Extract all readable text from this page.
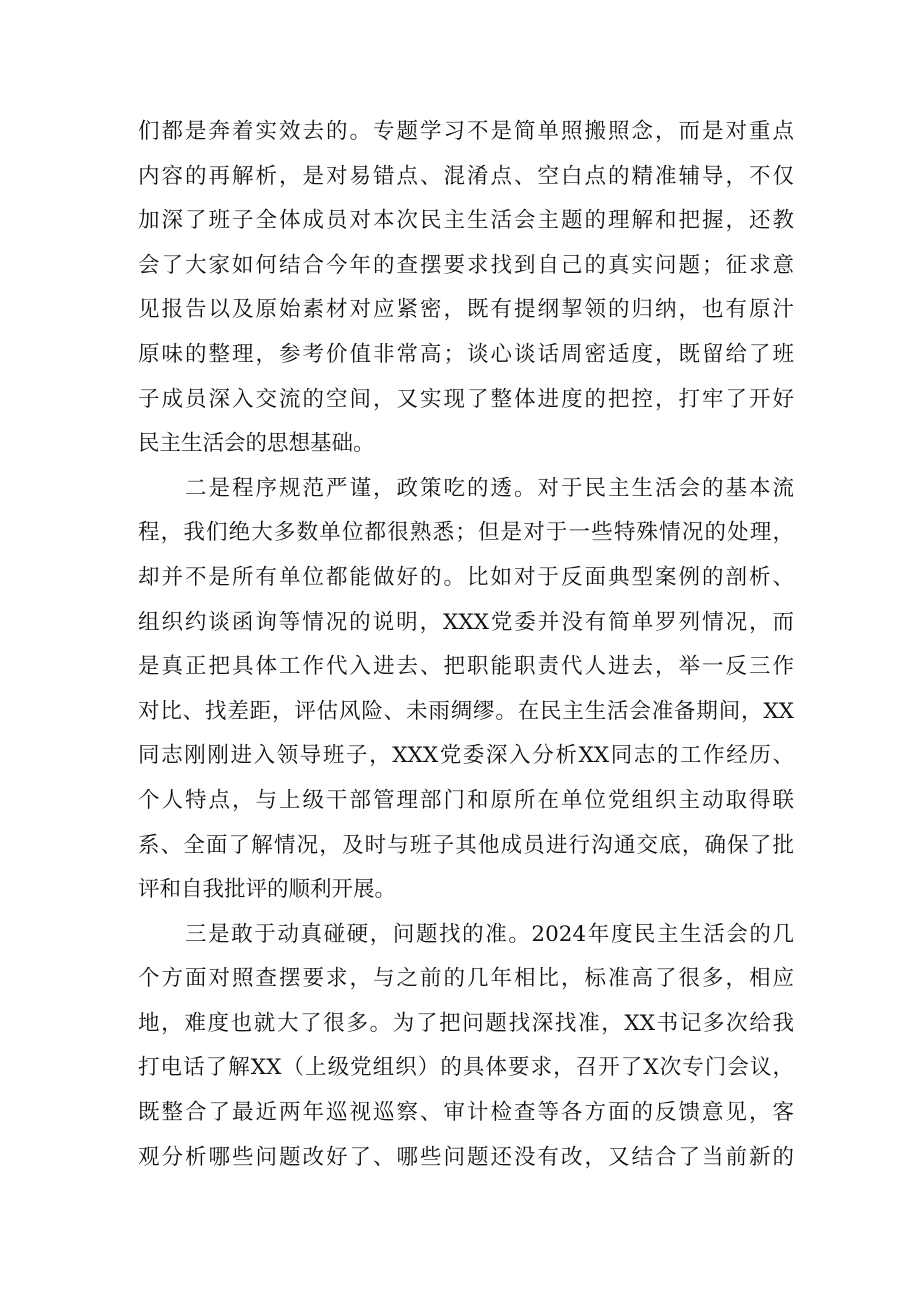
们都是奔着实效去的。专题学习不是简单照搬照念，而是对重点
内容的再解析，是对易错点、混淆点、空白点的精准辅导，不仅
加深了班子全体成员对本次民主生活会主题的理解和把握，还教
会了大家如何结合今年的查摆要求找到自己的真实问题；征求意
见报告以及原始素材对应紧密，既有提纲挈领的归纳，也有原汁
原味的整理，参考价值非常高；谈心谈话周密适度，既留给了班
子成员深入交流的空间，又实现了整体进度的把控，打牢了开好
民主生活会的思想基础。

二是程序规范严谨，政策吃的透。对于民主生活会的基本流
程，我们绝大多数单位都很熟悉；但是对于一些特殊情况的处理，
却并不是所有单位都能做好的。比如对于反面典型案例的剖析、
组织约谈函询等情况的说明，XXX党委并没有简单罗列情况，而
是真正把具体工作代入进去、把职能职责代人进去，举一反三作
对比、找差距，评估风险、未雨绸缪。在民主生活会准备期间，XX
同志刚刚进入领导班子，XXX党委深入分析XX同志的工作经历、
个人特点，与上级干部管理部门和原所在单位党组织主动取得联
系、全面了解情况，及时与班子其他成员进行沟通交底，确保了批
评和自我批评的顺利开展。

三是敢于动真碰硬，问题找的准。2024年度民主生活会的几
个方面对照查摆要求，与之前的几年相比，标准高了很多，相应
地，难度也就大了很多。为了把问题找深找准，XX书记多次给我
打电话了解XX（上级党组织）的具体要求，召开了X次专门会议，
既整合了最近两年巡视巡察、审计检查等各方面的反馈意见，客
观分析哪些问题改好了、哪些问题还没有改，又结合了当前新的
